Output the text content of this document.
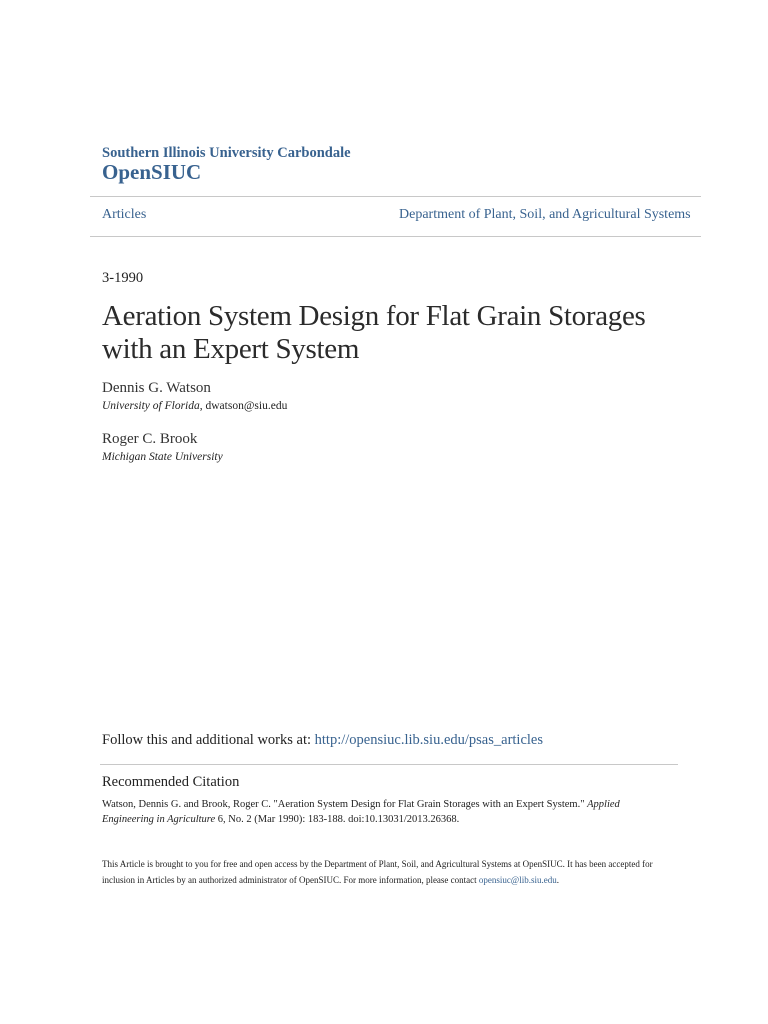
Southern Illinois University Carbondale
OpenSIUC
Articles	Department of Plant, Soil, and Agricultural Systems
3-1990
Aeration System Design for Flat Grain Storages with an Expert System
Dennis G. Watson
University of Florida, dwatson@siu.edu
Roger C. Brook
Michigan State University
Follow this and additional works at: http://opensiuc.lib.siu.edu/psas_articles
Recommended Citation
Watson, Dennis G. and Brook, Roger C. "Aeration System Design for Flat Grain Storages with an Expert System." Applied Engineering in Agriculture 6, No. 2 (Mar 1990): 183-188. doi:10.13031/2013.26368.
This Article is brought to you for free and open access by the Department of Plant, Soil, and Agricultural Systems at OpenSIUC. It has been accepted for inclusion in Articles by an authorized administrator of OpenSIUC. For more information, please contact opensiuc@lib.siu.edu.
